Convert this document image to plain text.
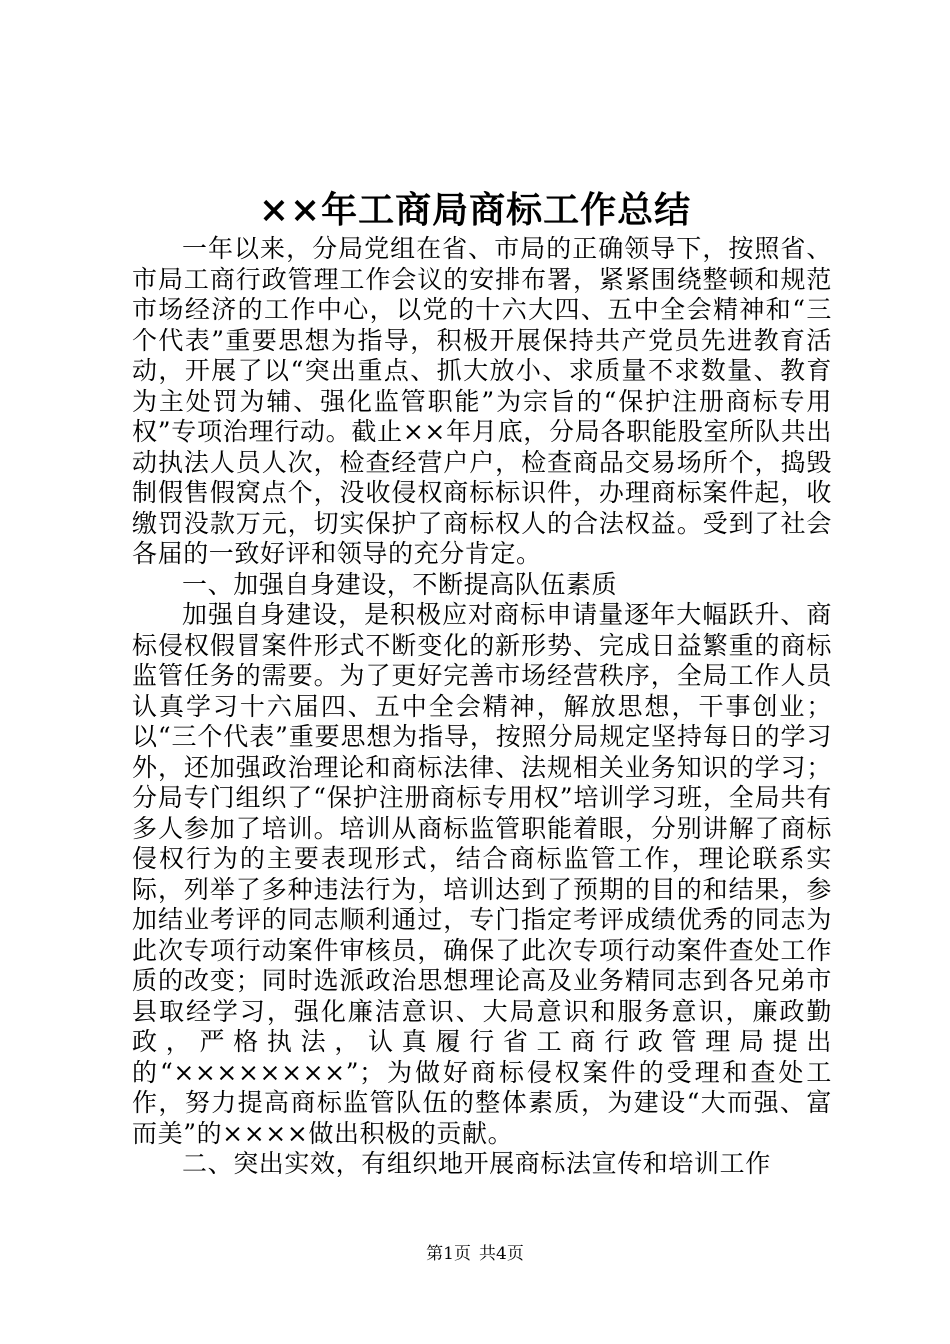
××年工商局商标工作总结

一年以来，分局党组在省、市局的正确领导下，按照省、市局工商行政管理工作会议的安排布署，紧紧围绕整顿和规范市场经济的工作中心，以党的十六大四、五中全会精神和“三个代表”重要思想为指导，积极开展保持共产党员先进教育活动，开展了以“突出重点、抓大放小、求质量不求数量、教育为主处罚为辅、强化监管职能”为宗旨的“保护注册商标专用权”专项治理行动。截止××年月底，分局各职能股室所队共出动执法人员人次，检查经营户户，检查商品交易场所个，捣毁制假售假窝点个，没收侵权商标标识件，办理商标案件起，收缴罚没款万元，切实保护了商标权人的合法权益。受到了社会各届的一致好评和领导的充分肯定。

一、加强自身建设，不断提高队伍素质

加强自身建设，是积极应对商标申请量逐年大幅跃升、商标侵权假冒案件形式不断变化的新形势、完成日益繁重的商标监管任务的需要。为了更好完善市场经营秩序，全局工作人员认真学习十六届四、五中全会精神，解放思想，干事创业；以“三个代表”重要思想为指导，按照分局规定坚持每日的学习外，还加强政治理论和商标法律、法规相关业务知识的学习；分局专门组织了“保护注册商标专用权”培训学习班，全局共有多人参加了培训。培训从商标监管职能着眼，分别讲解了商标侵权行为的主要表现形式，结合商标监管工作，理论联系实际，列举了多种违法行为，培训达到了预期的目的和结果，参加结业考评的同志顺利通过，专门指定考评成绩优秀的同志为此次专项行动案件审核员，确保了此次专项行动案件查处工作质的改变；同时选派政治思想理论高及业务精同志到各兄弟市县取经学习，强化廉洁意识、大局意识和服务意识，廉政勤政，严格执法，认真履行省工商行政管理局提出的“××××××××”；为做好商标侵权案件的受理和查处工作，努力提高商标监管队伍的整体素质，为建设“大而强、富而美”的××××做出积极的贡献。

二、突出实效，有组织地开展商标法宣传和培训工作

第1页 共4页
